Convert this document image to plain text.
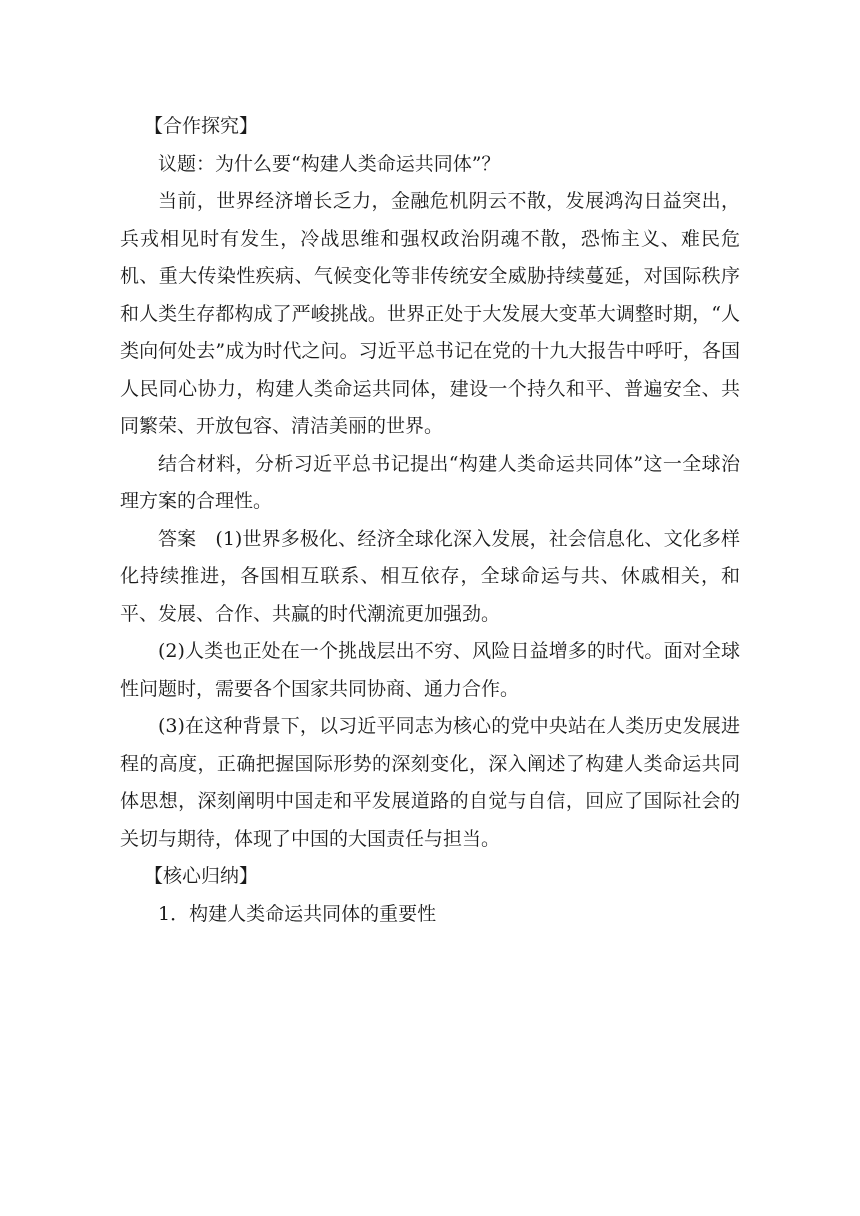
【合作探究】

议题：为什么要“构建人类命运共同体”？

当前，世界经济增长乏力，金融危机阴云不散，发展鸿沟日益突出，兵戎相见时有发生，冷战思维和强权政治阴魂不散，恐怖主义、难民危机、重大传染性疾病、气候变化等非传统安全威胁持续蔓延，对国际秩序和人类生存都构成了严峻挑战。世界正处于大发展大变革大调整时期，“人类向何处去”成为时代之问。习近平总书记在党的十九大报告中呼吁，各国人民同心协力，构建人类命运共同体，建设一个持久和平、普遍安全、共同繁荣、开放包容、清洁美丽的世界。

结合材料，分析习近平总书记提出“构建人类命运共同体”这一全球治理方案的合理性。

答案　(1)世界多极化、经济全球化深入发展，社会信息化、文化多样化持续推进，各国相互联系、相互依存，全球命运与共、休戚相关，和平、发展、合作、共赢的时代潮流更加强劲。

(2)人类也正处在一个挑战层出不穷、风险日益增多的时代。面对全球性问题时，需要各个国家共同协商、通力合作。

(3)在这种背景下，以习近平同志为核心的党中央站在人类历史发展进程的高度，正确把握国际形势的深刻变化，深入阐述了构建人类命运共同体思想，深刻阐明中国走和平发展道路的自觉与自信，回应了国际社会的关切与期待，体现了中国的大国责任与担当。

【核心归纳】

1．构建人类命运共同体的重要性
